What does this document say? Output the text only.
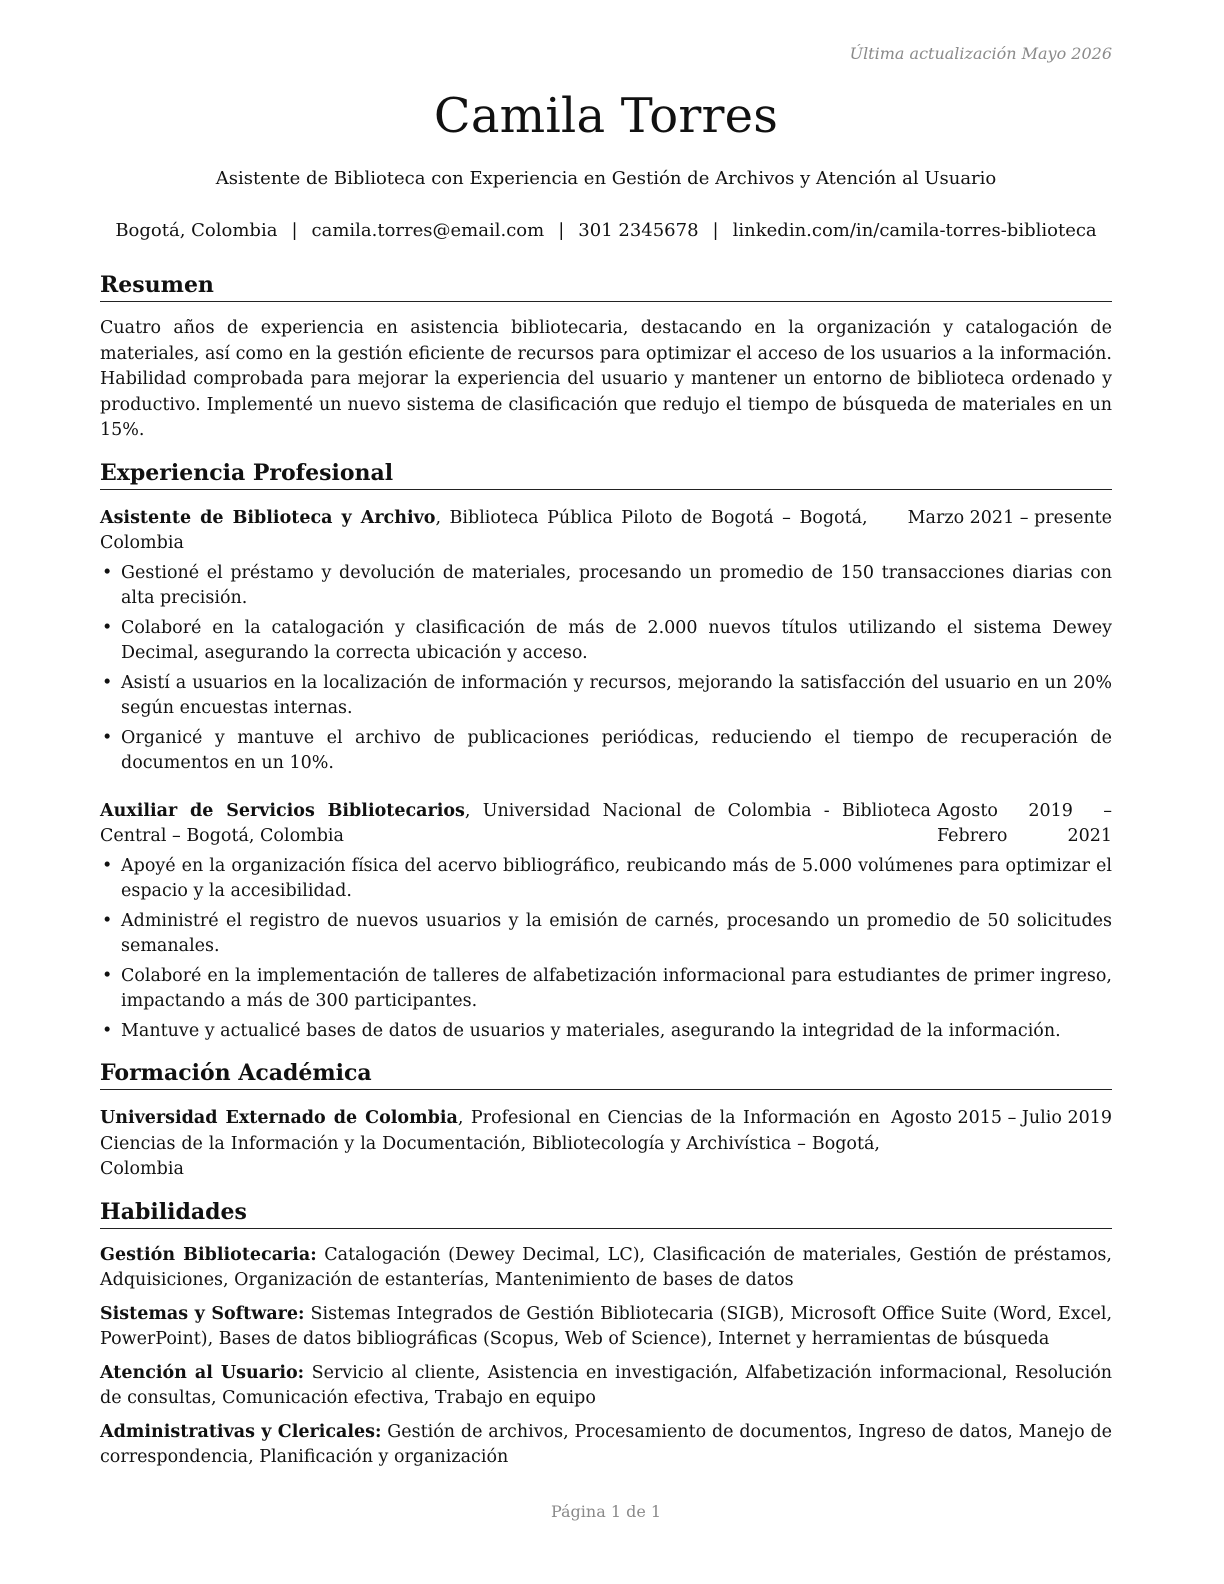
Última actualización Mayo 2026
Camila Torres
Asistente de Biblioteca con Experiencia en Gestión de Archivos y Atención al Usuario
Bogotá, Colombia | camila.torres@email.com | 301 2345678 | linkedin.com/in/camila-torres-biblioteca
Resumen

Cuatro años de experiencia en asistencia bibliotecaria, destacando en la organización y catalogación de materiales, así como en la gestión eficiente de recursos para optimizar el acceso de los usuarios a la información. Habilidad comprobada para mejorar la experiencia del usuario y mantener un entorno de biblioteca ordenado y productivo. Implementé un nuevo sistema de clasificación que redujo el tiempo de búsqueda de materiales en un 15%.

Experiencia Profesional
Asistente de Biblioteca y Archivo, Biblioteca Pública Piloto de Bogotá – Bogotá, Colombia
Marzo 2021 – presente
• Gestioné el préstamo y devolución de materiales, procesando un promedio de 150 transacciones diarias con alta precisión.
• Colaboré en la catalogación y clasificación de más de 2.000 nuevos títulos utilizando el sistema Dewey Decimal, asegurando la correcta ubicación y acceso.
• Asistí a usuarios en la localización de información y recursos, mejorando la satisfacción del usuario en un 20% según encuestas internas.
• Organicé y mantuve el archivo de publicaciones periódicas, reduciendo el tiempo de recuperación de documentos en un 10%.
Auxiliar de Servicios Bibliotecarios, Universidad Nacional de Colombia - Biblioteca Central – Bogotá, Colombia
Agosto 2019 – Febrero 2021
• Apoyé en la organización física del acervo bibliográfico, reubicando más de 5.000 volúmenes para optimizar el espacio y la accesibilidad.
• Administré el registro de nuevos usuarios y la emisión de carnés, procesando un promedio de 50 solicitudes semanales.
• Colaboré en la implementación de talleres de alfabetización informacional para estudiantes de primer ingreso, impactando a más de 300 participantes.
• Mantuve y actualicé bases de datos de usuarios y materiales, asegurando la integridad de la información.
Formación Académica
Universidad Externado de Colombia, Profesional en Ciencias de la Información en Ciencias de la Información y la Documentación, Bibliotecología y Archivística – Bogotá, Colombia
Agosto 2015 – Julio 2019
Habilidades

Gestión Bibliotecaria: Catalogación (Dewey Decimal, LC), Clasificación de materiales, Gestión de préstamos, Adquisiciones, Organización de estanterías, Mantenimiento de bases de datos

Sistemas y Software: Sistemas Integrados de Gestión Bibliotecaria (SIGB), Microsoft Office Suite (Word, Excel, PowerPoint), Bases de datos bibliográficas (Scopus, Web of Science), Internet y herramientas de búsqueda

Atención al Usuario: Servicio al cliente, Asistencia en investigación, Alfabetización informacional, Resolución de consultas, Comunicación efectiva, Trabajo en equipo

Administrativas y Clericales: Gestión de archivos, Procesamiento de documentos, Ingreso de datos, Manejo de correspondencia, Planificación y organización

Página 1 de 1
